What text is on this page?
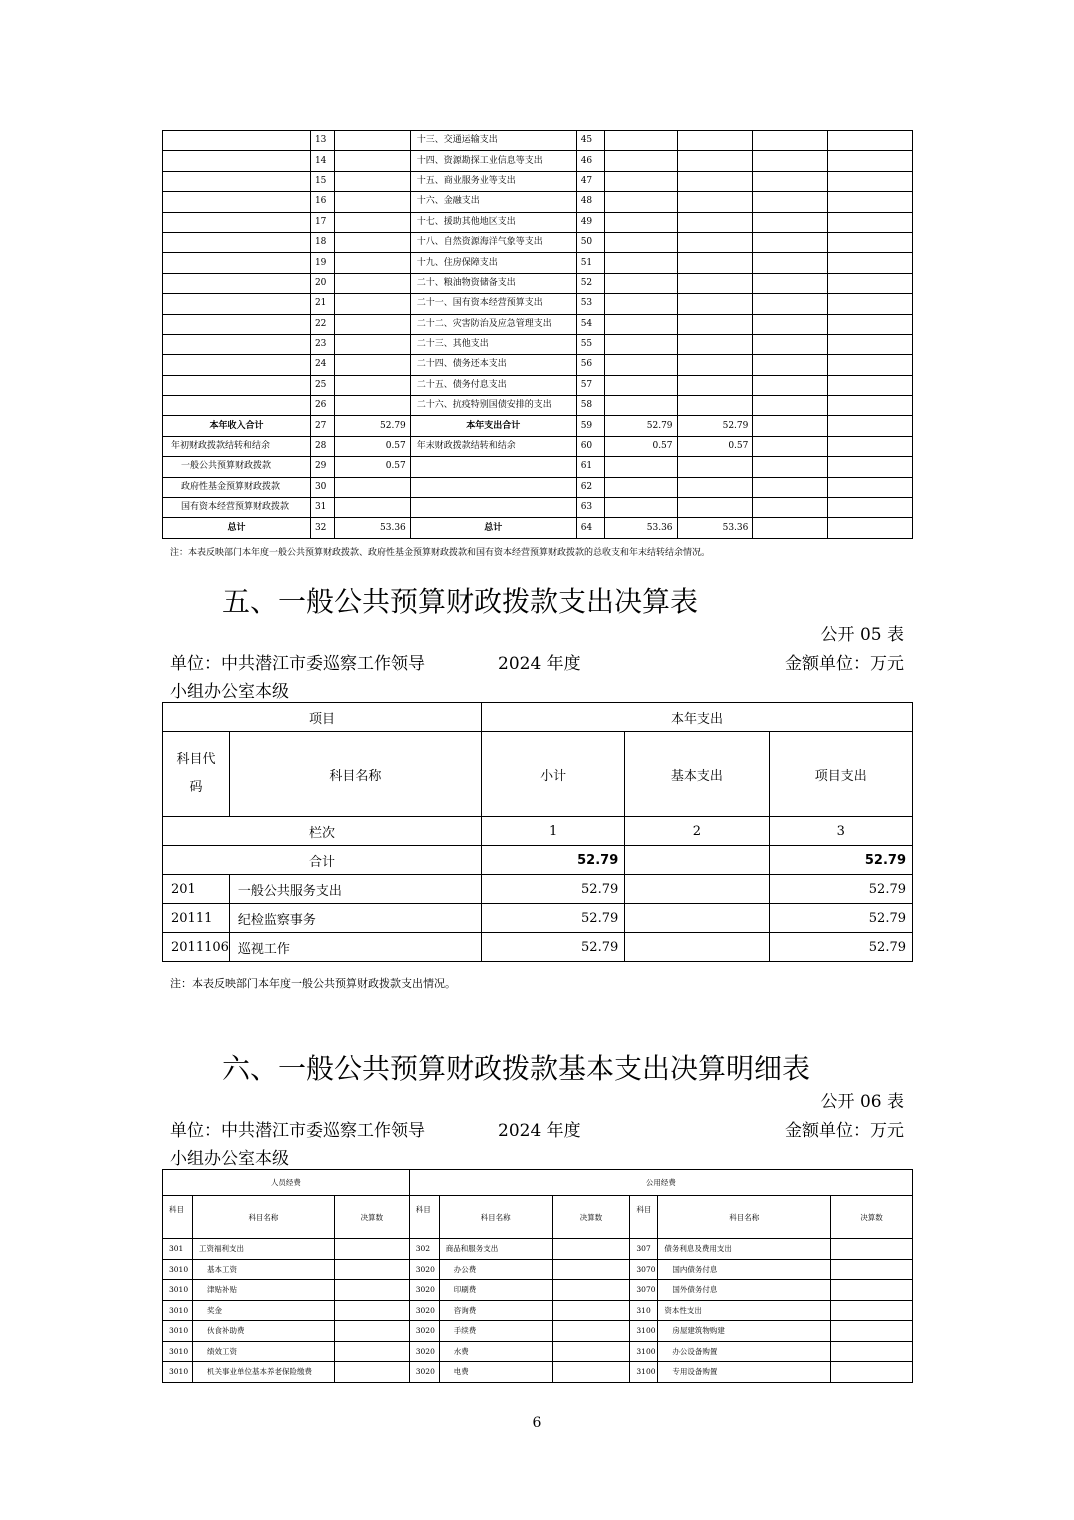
	13		十三、交通运输支出	45				
	14		十四、资源勘探工业信息等支出	46				
	15		十五、商业服务业等支出	47				
	16		十六、金融支出	48				
	17		十七、援助其他地区支出	49				
	18		十八、自然资源海洋气象等支出	50				
	19		十九、住房保障支出	51				
	20		二十、粮油物资储备支出	52				
	21		二十一、国有资本经营预算支出	53				
	22		二十二、灾害防治及应急管理支出	54				
	23		二十三、其他支出	55				
	24		二十四、债务还本支出	56				
	25		二十五、债务付息支出	57				
	26		二十六、抗疫特别国债安排的支出	58				
本年收入合计	27	52.79	本年支出合计	59	52.79	52.79		
年初财政拨款结转和结余	28	0.57	年末财政拨款结转和结余	60	0.57	0.57		
一般公共预算财政拨款	29	0.57		61				
政府性基金预算财政拨款	30			62				
国有资本经营预算财政拨款	31			63				
总计	32	53.36	总计	64	53.36	53.36		
注：本表反映部门本年度一般公共预算财政拨款、政府性基金预算财政拨款和国有资本经营预算财政拨款的总收支和年末结转结余情况。
五、一般公共预算财政拨款支出决算表
公开 05 表
单位：中共潜江市委巡察工作领导	2024 年度	金额单位：万元
小组办公室本级
项目		本年支出		
科目代码	科目名称	小计	基本支出	项目支出
栏次		1	2	3
合计		52.79		52.79
201	一般公共服务支出	52.79		52.79
20111	纪检监察事务	52.79		52.79
2011106	巡视工作	52.79		52.79
注：本表反映部门本年度一般公共预算财政拨款支出情况。
六、一般公共预算财政拨款基本支出决算明细表
公开 06 表
单位：中共潜江市委巡察工作领导	2024 年度	金额单位：万元
小组办公室本级
人员经费			公用经费					
科目	科目名称	决算数	科目	科目名称	决算数	科目	科目名称	决算数
301	工资福利支出		302	商品和服务支出		307	债务利息及费用支出	
3010	基本工资		3020	办公费		3070	国内债务付息	
3010	津贴补贴		3020	印刷费		3070	国外债务付息	
3010	奖金		3020	咨询费		310	资本性支出	
3010	伙食补助费		3020	手续费		3100	房屋建筑物购建	
3010	绩效工资		3020	水费		3100	办公设备购置	
3010	机关事业单位基本养老保险缴费		3020	电费		3100	专用设备购置	
6
